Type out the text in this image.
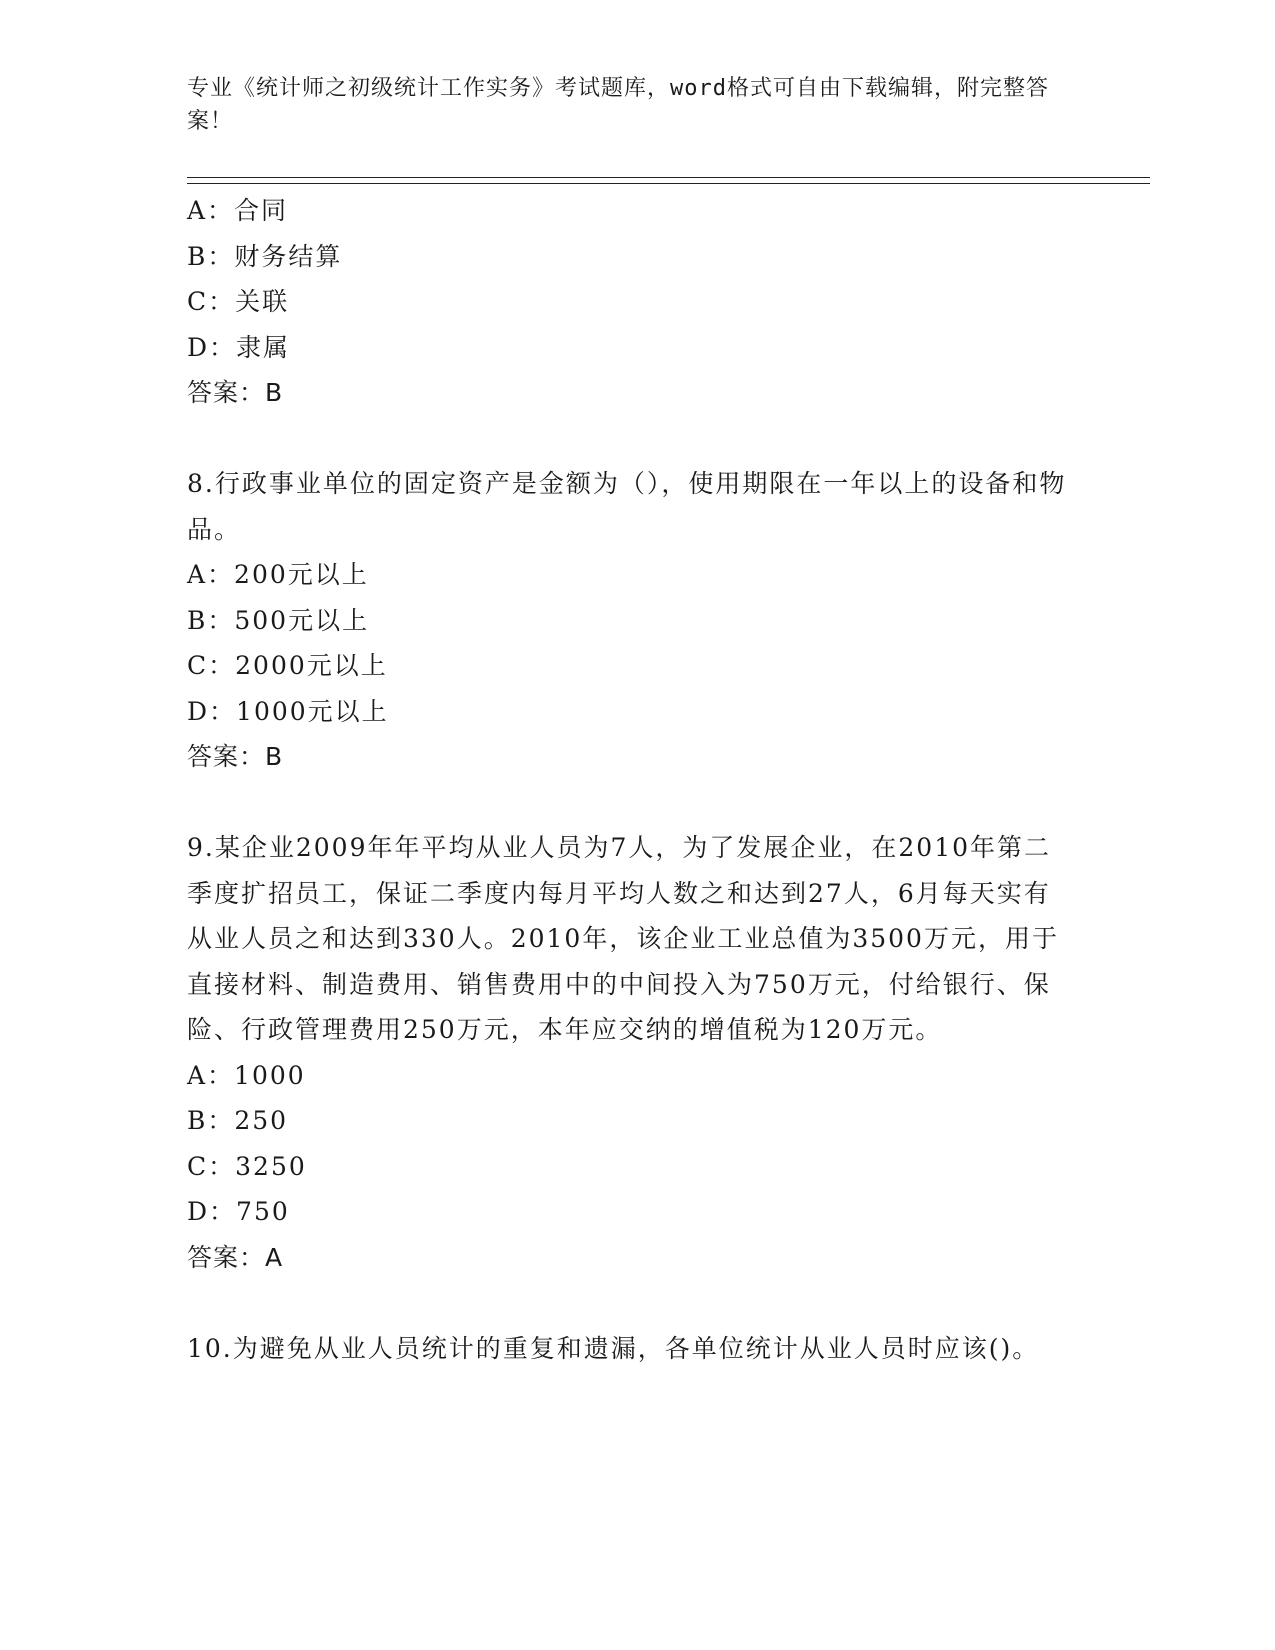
专业《统计师之初级统计工作实务》考试题库，word格式可自由下载编辑，附完整答案！
A：合同
B：财务结算
C：关联
D：隶属
答案：B
8.行政事业单位的固定资产是金额为（），使用期限在一年以上的设备和物品。
A：200元以上
B：500元以上
C：2000元以上
D：1000元以上
答案：B
9.某企业2009年年平均从业人员为7人，为了发展企业，在2010年第二季度扩招员工，保证二季度内每月平均人数之和达到27人，6月每天实有从业人员之和达到330人。2010年，该企业工业总值为3500万元，用于直接材料、制造费用、销售费用中的中间投入为750万元，付给银行、保险、行政管理费用250万元，本年应交纳的增值税为120万元。
A：1000
B：250
C：3250
D：750
答案：A
10.为避免从业人员统计的重复和遗漏，各单位统计从业人员时应该()。
